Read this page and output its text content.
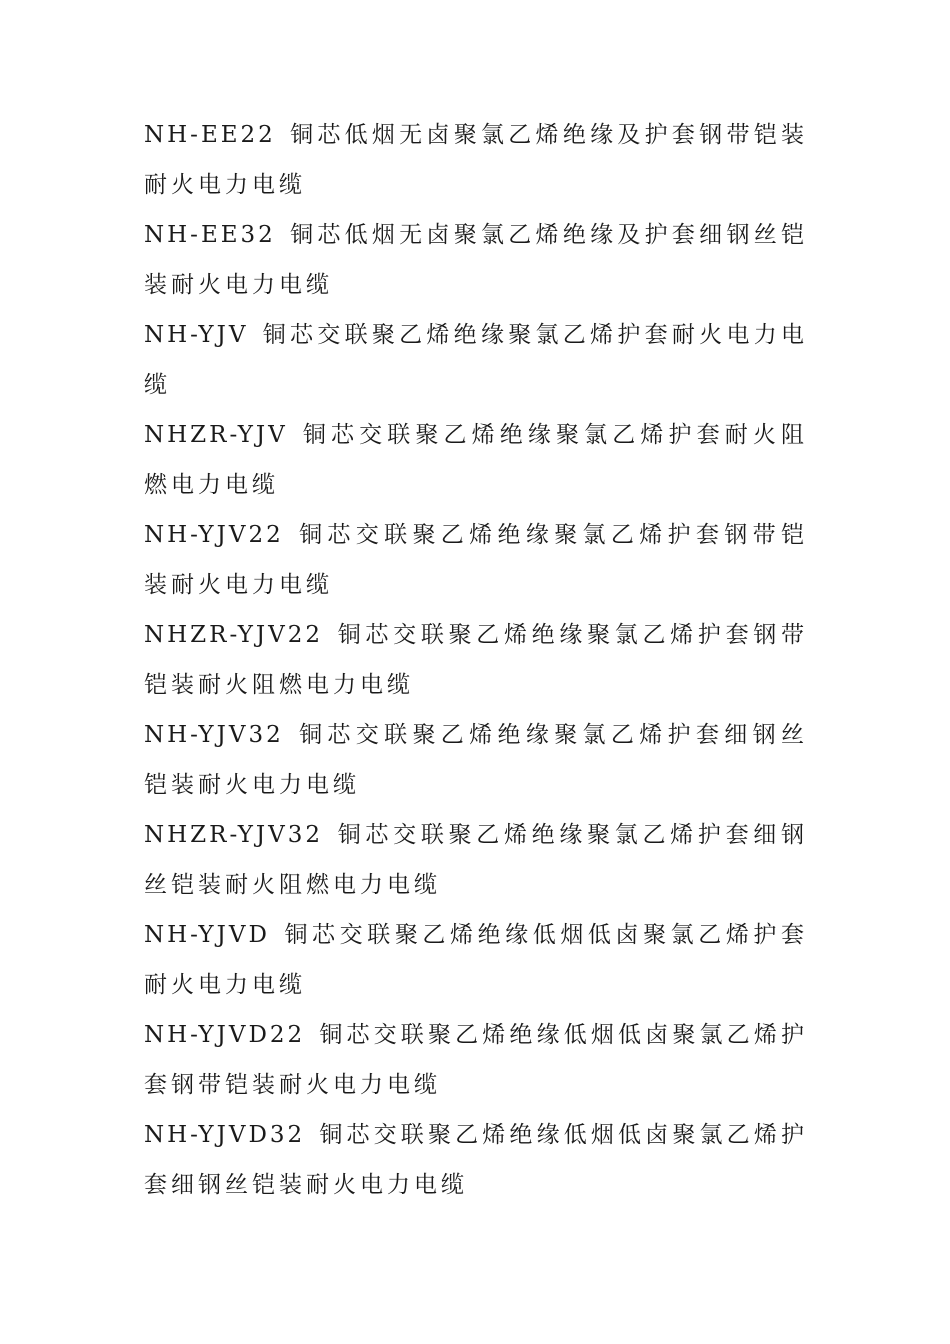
NH-EE22 铜芯低烟无卤聚氯乙烯绝缘及护套钢带铠装耐火电力电缆
NH-EE32 铜芯低烟无卤聚氯乙烯绝缘及护套细钢丝铠装耐火电力电缆
NH-YJV 铜芯交联聚乙烯绝缘聚氯乙烯护套耐火电力电缆
NHZR-YJV 铜芯交联聚乙烯绝缘聚氯乙烯护套耐火阻燃电力电缆
NH-YJV22 铜芯交联聚乙烯绝缘聚氯乙烯护套钢带铠装耐火电力电缆
NHZR-YJV22 铜芯交联聚乙烯绝缘聚氯乙烯护套钢带铠装耐火阻燃电力电缆
NH-YJV32 铜芯交联聚乙烯绝缘聚氯乙烯护套细钢丝铠装耐火电力电缆
NHZR-YJV32 铜芯交联聚乙烯绝缘聚氯乙烯护套细钢丝铠装耐火阻燃电力电缆
NH-YJVD 铜芯交联聚乙烯绝缘低烟低卤聚氯乙烯护套耐火电力电缆
NH-YJVD22 铜芯交联聚乙烯绝缘低烟低卤聚氯乙烯护套钢带铠装耐火电力电缆
NH-YJVD32 铜芯交联聚乙烯绝缘低烟低卤聚氯乙烯护套细钢丝铠装耐火电力电缆
